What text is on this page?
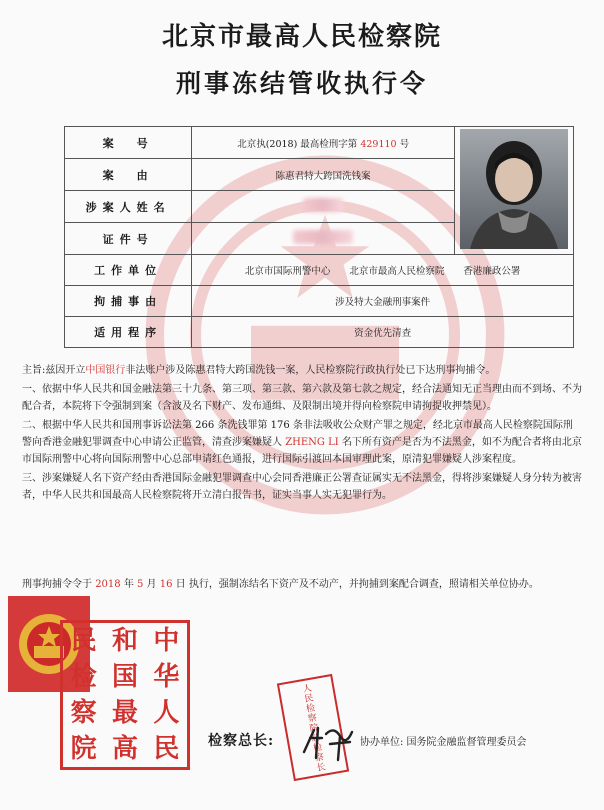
北京市最高人民检察院
刑事冻结管收执行令
案　号	北京执(2018) 最高检刑字第 429110 号	
案　由	陈惠君特大跨国洗钱案	
涉案人姓名		
证件号		
工作单位	北京市国际刑警中心　　北京市最高人民检察院　　香港廉政公署	
拘捕事由	涉及特大金融刑事案件	
适用程序	资金优先清查	

主旨:兹因开立中国银行非法账户涉及陈惠君特大跨国洗钱一案，人民检察院行政执行处已下达刑事拘捕令。

一、依据中华人民共和国金融法第三十九条、第三项、第三款、第六款及第七款之规定，经合法通知无正当理由而不到场、不为配合者，本院将下令强制到案（含波及名下财产、发布通缉、及限制出境并得向检察院申请拘提收押禁见）。

二、根据中华人民共和国刑事诉讼法第 266 条洗钱罪第 176 条非法吸收公众财产罪之规定，经北京市最高人民检察院国际刑警向香港金融犯罪调查中心申请公正监管，清查涉案嫌疑人 ZHENG LI 名下所有资产是否为不法黑金，如不为配合者将由北京市国际刑警中心将向国际刑警中心总部申请红色通报，进行国际引渡回本国审理此案，原清犯罪嫌疑人涉案程度。

三、涉案嫌疑人名下资产经由香港国际金融犯罪调查中心会同香港廉正公署查证属实无不法黑金，得将涉案嫌疑人身分转为被害者，中华人民共和国最高人民检察院将开立清白报告书，证实当事人实无犯罪行为。

刑事拘捕令令于 2018 年 5 月 16 日 执行，强制冻结名下资产及不动产，并拘捕到案配合调查，照请相关单位协办。
民 和 中
检 国 华
察 最 人
院 高 民	人民检察院总检察长
检察总长:	协办单位: 国务院金融监督管理委员会
